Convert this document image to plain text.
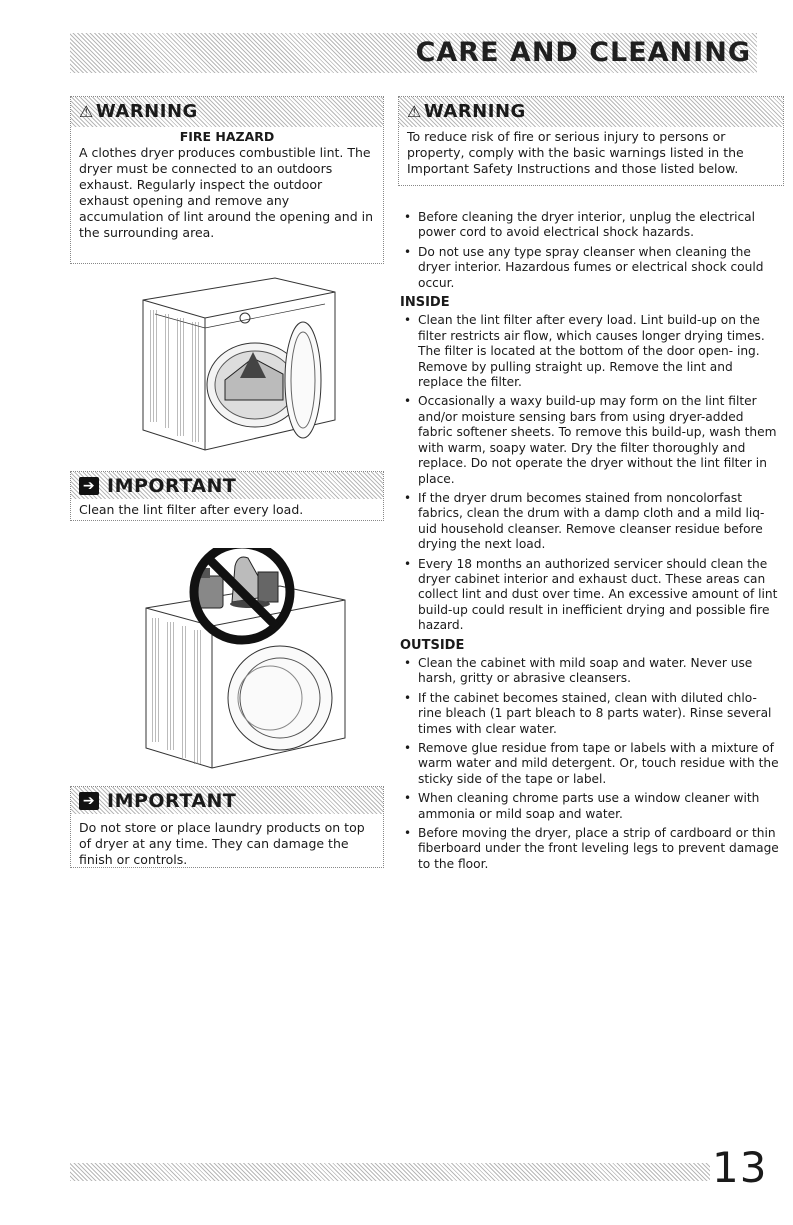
CARE AND CLEANING
⚠ WARNING
FIRE HAZARD
A clothes dryer produces combustible lint. The dryer must be connected to an outdoors exhaust. Regularly inspect the outdoor exhaust opening and remove any accumulation of lint around the opening and in the surrounding area.
➔ IMPORTANT
Clean the lint filter after every load.
➔ IMPORTANT
Do not store or place laundry products on top of dryer at any time. They can damage the finish or controls.
⚠ WARNING
To reduce risk of fire or serious injury to persons or property, comply with the basic warnings listed in the Important Safety Instructions and those listed below.
• Before cleaning the dryer interior, unplug the electrical power cord to avoid electrical shock hazards.
• Do not use any type spray cleanser when cleaning the dryer interior. Hazardous fumes or electrical shock could occur.
INSIDE
• Clean the lint filter after every load. Lint build-up on the filter restricts air flow, which causes longer drying times. The filter is located at the bottom of the door open- ing. Remove by pulling straight up. Remove the lint and replace the filter.
• Occasionally a waxy build-up may form on the lint filter and/or moisture sensing bars from using dryer-added fabric softener sheets. To remove this build-up, wash them with warm, soapy water. Dry the filter thoroughly and replace. Do not operate the dryer without the lint filter in place.
• If the dryer drum becomes stained from noncolorfast fabrics, clean the drum with a damp cloth and a mild liq- uid household cleanser. Remove cleanser residue before drying the next load.
• Every 18 months an authorized servicer should clean the dryer cabinet interior and exhaust duct. These areas can collect lint and dust over time. An excessive amount of lint build-up could result in inefficient drying and possible fire hazard.
OUTSIDE
• Clean the cabinet with mild soap and water. Never use harsh, gritty or abrasive cleansers.
• If the cabinet becomes stained, clean with diluted chlo- rine bleach (1 part bleach to 8 parts water). Rinse several times with clear water.
• Remove glue residue from tape or labels with a mixture of warm water and mild detergent. Or, touch residue with the sticky side of the tape or label.
• When cleaning chrome parts use a window cleaner with ammonia or mild soap and water.
• Before moving the dryer, place a strip of cardboard or thin fiberboard under the front leveling legs to prevent damage to the floor.
13
